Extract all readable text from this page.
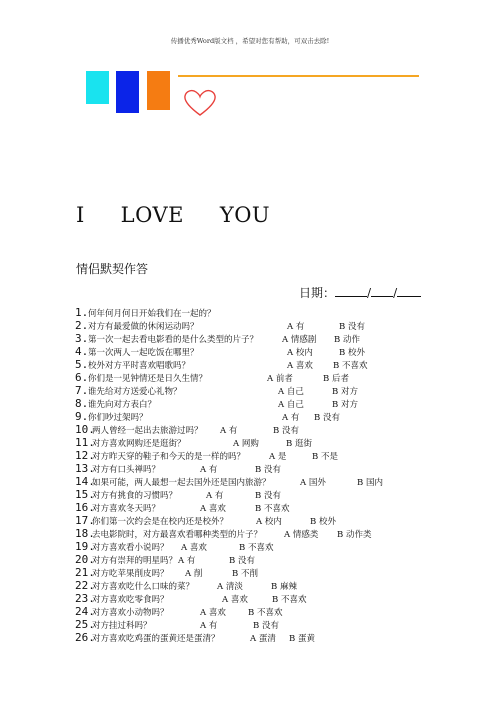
传播优秀Word版文档 ，希望对您有帮助，可双击去除!
I     LOVE     YOU
情侣默契作答
日期：	/ /
1.何年何月何日开始我们在一起的？
2.对方有最爱做的休闲运动吗？	A 有	B 没有
3.第一次一起去看电影看的是什么类型的片子？	A 情感剧 B 动作
4.第一次两人一起吃饭在哪里？	A 校内	B 校外
5.校外对方平时喜欢唱歌吗？	A 喜欢 B 不喜欢
6.你们是一见钟情还是日久生情？	A 前者	B 后者
7.谁先给对方送爱心礼物？	A 自己	B 对方
8.谁先向对方表白？	A 自己	B 对方
9.你们吵过架吗？	A 有 B 没有
10.两人曾经一起出去旅游过吗？ A 有	B 没有
11.对方喜欢网购还是逛街？	A 网购	B 逛街
12.对方昨天穿的鞋子和今天的是一样的吗？	A 是	B 不是
13.对方有口头禅吗？	A 有	B 没有
14.如果可能，两人最想一起去国外还是国内旅游？	A 国外	B 国内
15.对方有挑食的习惯吗？	A 有	B 没有
16.对方喜欢冬天吗？	A 喜欢	B 不喜欢
17.你们第一次约会是在校内还是校外？	A 校内	B 校外
18.去电影院时，对方最喜欢看哪种类型的片子？	A 情感类 B 动作类
19.对方喜欢看小说吗？ A 喜欢	B 不喜欢
20.对方有崇拜的明星吗？ A 有	B 没有
21.对方吃苹果削皮吗？ A 削	B 不削
22.对方喜欢吃什么口味的菜？	A 清淡	B 麻辣
23.对方喜欢吃零食吗？	A 喜欢	B 不喜欢
24.对方喜欢小动物吗？	A 喜欢	B 不喜欢
25.对方挂过科吗？	A 有	B 没有
26.对方喜欢吃鸡蛋的蛋黄还是蛋清？	A 蛋清 B 蛋黄
